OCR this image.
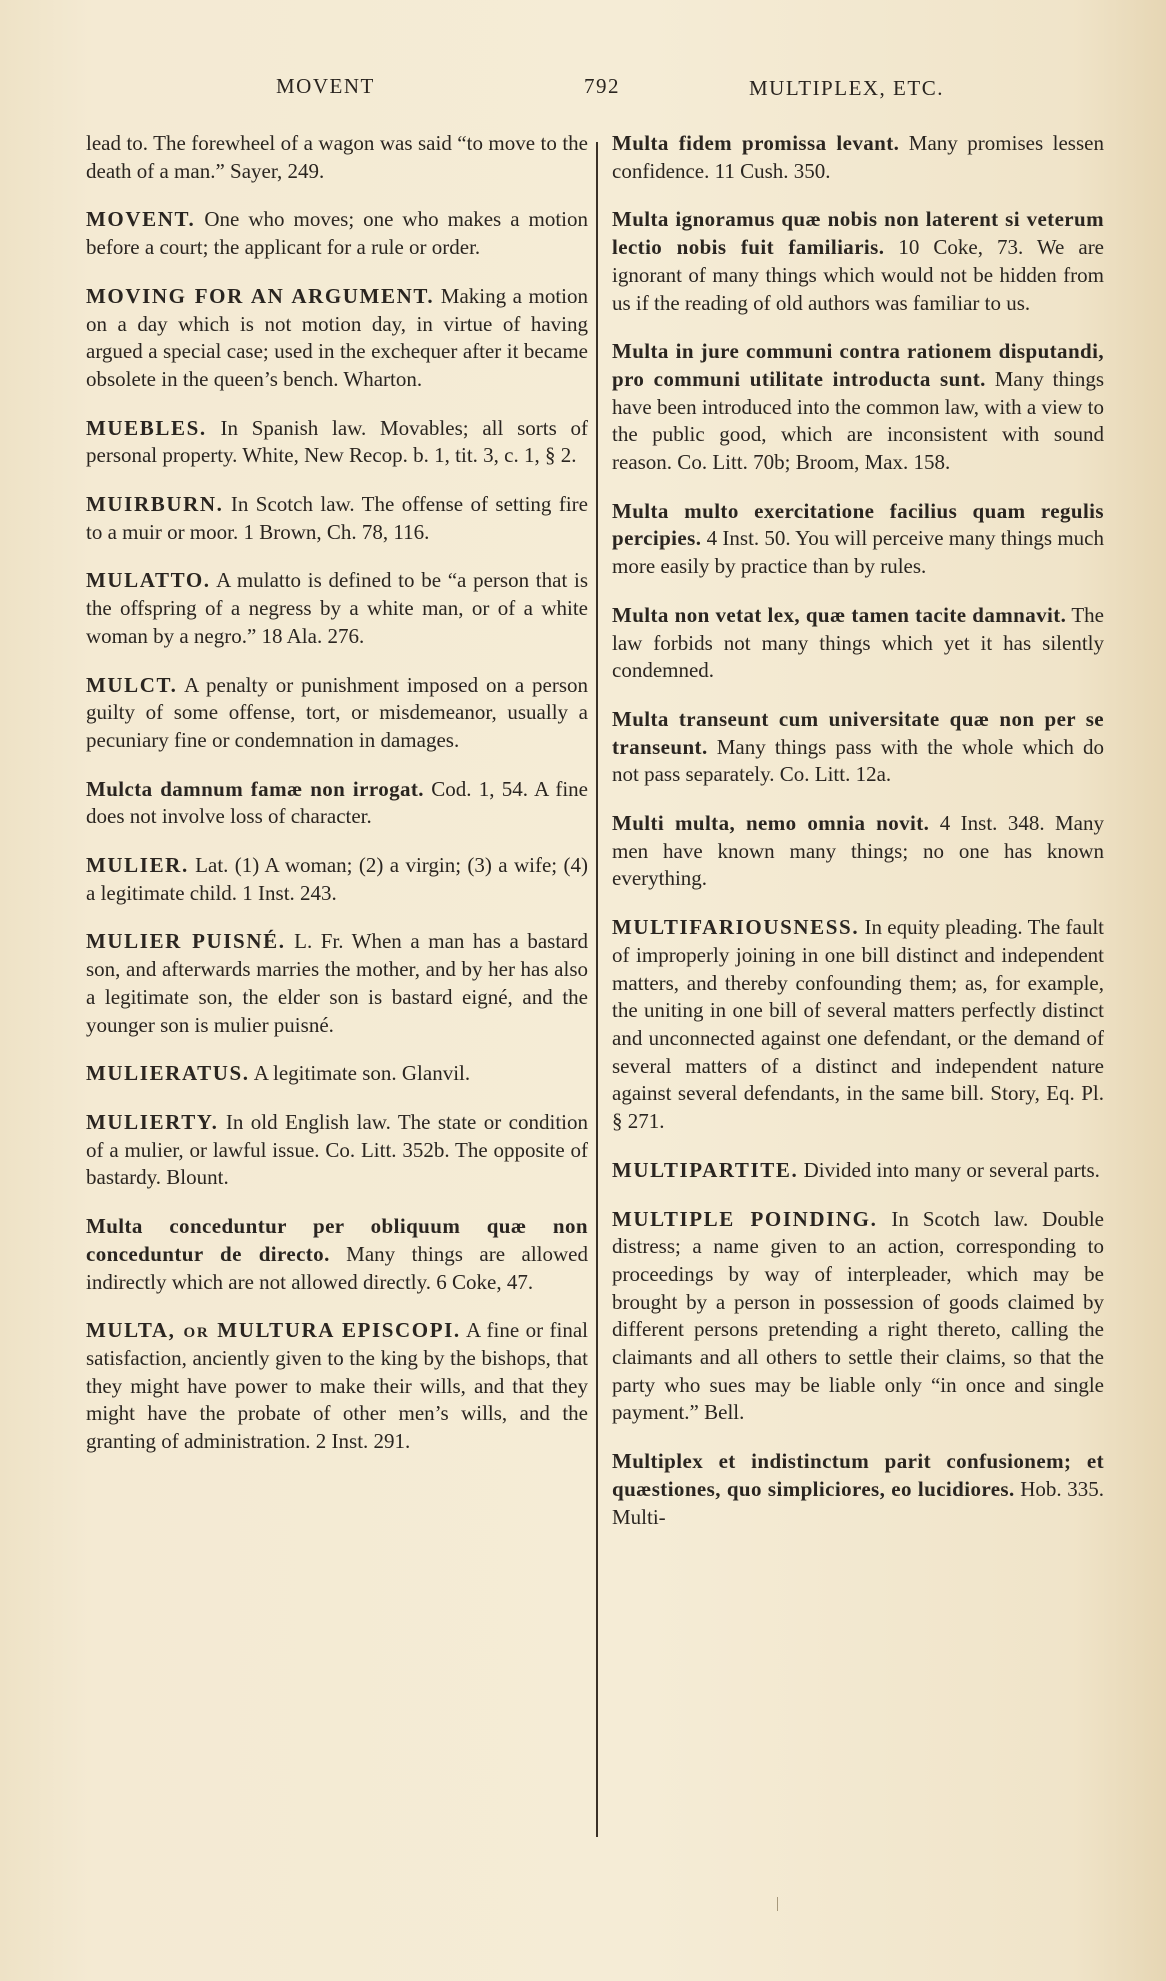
MOVENT	792	MULTIPLEX, ETC.

lead to. The forewheel of a wagon was said “to move to the death of a man.” Sayer, 249.

MOVENT. One who moves; one who makes a motion before a court; the applicant for a rule or order.

MOVING FOR AN ARGUMENT. Making a motion on a day which is not motion day, in virtue of having argued a special case; used in the exchequer after it became obsolete in the queen’s bench. Wharton.

MUEBLES. In Spanish law. Movables; all sorts of personal property. White, New Recop. b. 1, tit. 3, c. 1, § 2.

MUIRBURN. In Scotch law. The offense of setting fire to a muir or moor. 1 Brown, Ch. 78, 116.

MULATTO. A mulatto is defined to be “a person that is the offspring of a negress by a white man, or of a white woman by a negro.” 18 Ala. 276.

MULCT. A penalty or punishment imposed on a person guilty of some offense, tort, or misdemeanor, usually a pecuniary fine or condemnation in damages.

Mulcta damnum famæ non irrogat. Cod. 1, 54. A fine does not involve loss of character.

MULIER. Lat. (1) A woman; (2) a virgin; (3) a wife; (4) a legitimate child. 1 Inst. 243.

MULIER PUISNÉ. L. Fr. When a man has a bastard son, and afterwards marries the mother, and by her has also a legitimate son, the elder son is bastard eigné, and the younger son is mulier puisné.

MULIERATUS. A legitimate son. Glanvil.

MULIERTY. In old English law. The state or condition of a mulier, or lawful issue. Co. Litt. 352b. The opposite of bastardy. Blount.

Multa conceduntur per obliquum quæ non conceduntur de directo. Many things are allowed indirectly which are not allowed directly. 6 Coke, 47.

MULTA, or MULTURA EPISCOPI. A fine or final satisfaction, anciently given to the king by the bishops, that they might have power to make their wills, and that they might have the probate of other men’s wills, and the granting of administration. 2 Inst. 291.

Multa fidem promissa levant. Many promises lessen confidence. 11 Cush. 350.

Multa ignoramus quæ nobis non laterent si veterum lectio nobis fuit familiaris. 10 Coke, 73. We are ignorant of many things which would not be hidden from us if the reading of old authors was familiar to us.

Multa in jure communi contra rationem disputandi, pro communi utilitate introducta sunt. Many things have been introduced into the common law, with a view to the public good, which are inconsistent with sound reason. Co. Litt. 70b; Broom, Max. 158.

Multa multo exercitatione facilius quam regulis percipies. 4 Inst. 50. You will perceive many things much more easily by practice than by rules.

Multa non vetat lex, quæ tamen tacite damnavit. The law forbids not many things which yet it has silently condemned.

Multa transeunt cum universitate quæ non per se transeunt. Many things pass with the whole which do not pass separately. Co. Litt. 12a.

Multi multa, nemo omnia novit. 4 Inst. 348. Many men have known many things; no one has known everything.

MULTIFARIOUSNESS. In equity pleading. The fault of improperly joining in one bill distinct and independent matters, and thereby confounding them; as, for example, the uniting in one bill of several matters perfectly distinct and unconnected against one defendant, or the demand of several matters of a distinct and independent nature against several defendants, in the same bill. Story, Eq. Pl. § 271.

MULTIPARTITE. Divided into many or several parts.

MULTIPLE POINDING. In Scotch law. Double distress; a name given to an action, corresponding to proceedings by way of interpleader, which may be brought by a person in possession of goods claimed by different persons pretending a right thereto, calling the claimants and all others to settle their claims, so that the party who sues may be liable only “in once and single payment.” Bell.

Multiplex et indistinctum parit confusionem; et quæstiones, quo simpliciores, eo lucidiores. Hob. 335. Multi-
